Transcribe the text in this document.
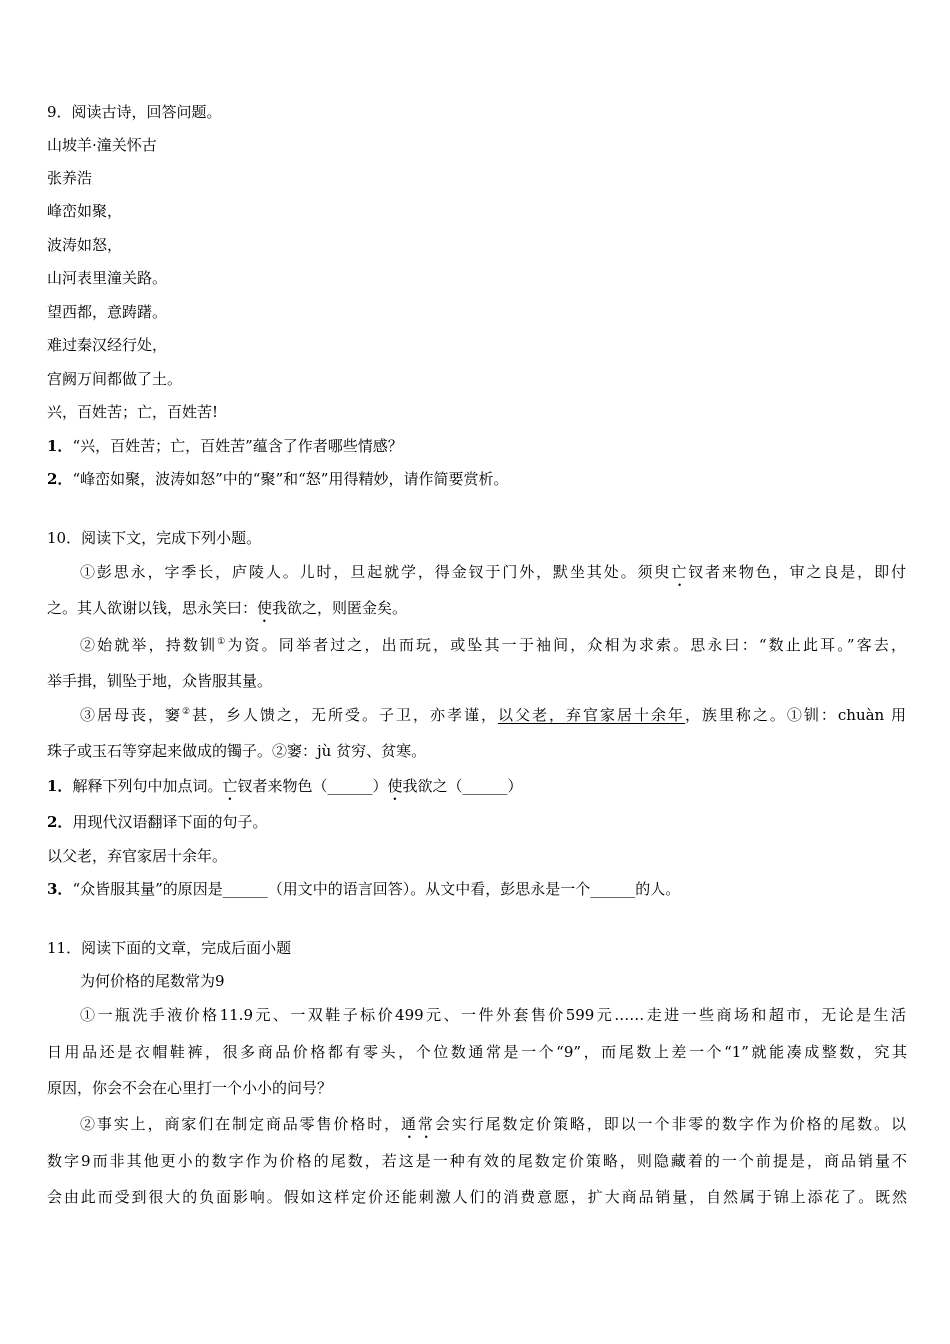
9．阅读古诗，回答问题。
山坡羊·潼关怀古
张养浩
峰峦如聚，
波涛如怒，
山河表里潼关路。
望西都，意踌躇。
难过秦汉经行处，
宫阙万间都做了土。
兴，百姓苦；亡，百姓苦!
1．“兴，百姓苦；亡，百姓苦”蕴含了作者哪些情感？
2．“峰峦如聚，波涛如怒”中的“聚”和“怒”用得精妙，请作简要赏析。
10．阅读下文，完成下列小题。
①彭思永，字季长，庐陵人。儿时，旦起就学，得金钗于门外，默坐其处。须臾亡钗者来物色，审之良是，即付
之。其人欲谢以钱，思永笑曰：使我欲之，则匿金矣。
②始就举，持数钏①为资。同举者过之，出而玩，或坠其一于袖间，众相为求索。思永曰：“数止此耳。”客去，
举手揖，钏坠于地，众皆服其量。
③居母丧，窭②甚，乡人馈之，无所受。子卫，亦孝谨，以父老，弃官家居十余年，族里称之。①钏：chuàn 用
珠子或玉石等穿起来做成的镯子。②窭：jù 贫穷、贫寒。
1．解释下列句中加点词。亡钗者来物色（______）使我欲之（______）
2．用现代汉语翻译下面的句子。
以父老，弃官家居十余年。
3．“众皆服其量”的原因是______（用文中的语言回答）。从文中看，彭思永是一个______的人。
11．阅读下面的文章，完成后面小题
为何价格的尾数常为9
①一瓶洗手液价格11.9元、一双鞋子标价499元、一件外套售价599元……走进一些商场和超市，无论是生活
日用品还是衣帽鞋裤，很多商品价格都有零头，个位数通常是一个“9”，而尾数上差一个“1”就能凑成整数，究其
原因，你会不会在心里打一个小小的问号？
②事实上，商家们在制定商品零售价格时，通常会实行尾数定价策略，即以一个非零的数字作为价格的尾数。以
数字9而非其他更小的数字作为价格的尾数，若这是一种有效的尾数定价策略，则隐藏着的一个前提是，商品销量不
会由此而受到很大的负面影响。假如这样定价还能刺激人们的消费意愿，扩大商品销量，自然属于锦上添花了。既然
